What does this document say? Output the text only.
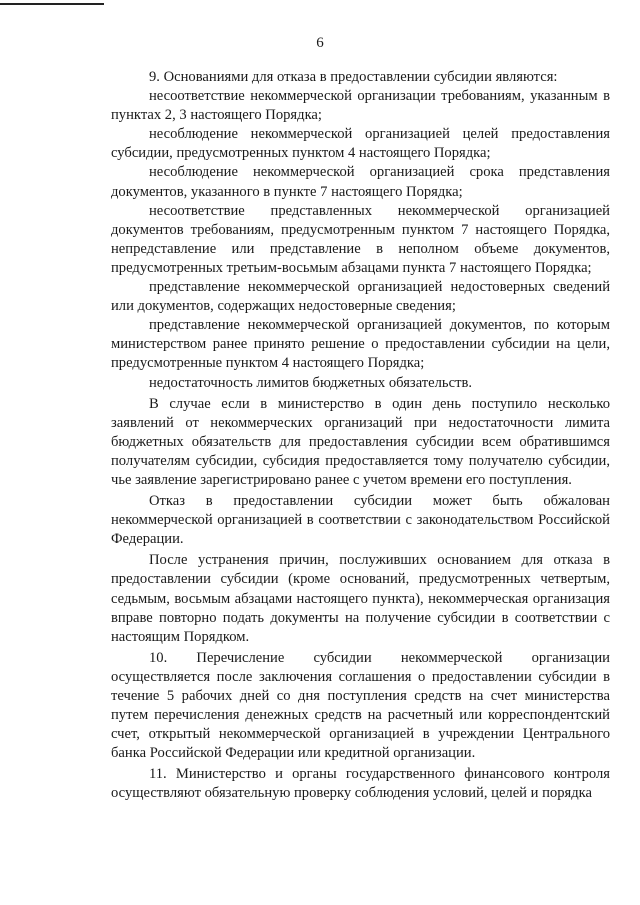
6

9. Основаниями для отказа в предоставлении субсидии являются:

несоответствие некоммерческой организации требованиям, указанным в пунктах 2, 3 настоящего Порядка;

несоблюдение некоммерческой организацией целей предоставления субсидии, предусмотренных пунктом 4 настоящего Порядка;

несоблюдение некоммерческой организацией срока представления документов, указанного в пункте 7 настоящего Порядка;

несоответствие представленных некоммерческой организацией документов требованиям, предусмотренным пунктом 7 настоящего Порядка, непредставление или представление в неполном объеме документов, предусмотренных третьим-восьмым абзацами пункта 7 настоящего Порядка;

представление некоммерческой организацией недостоверных сведений или документов, содержащих недостоверные сведения;

представление некоммерческой организацией документов, по которым министерством ранее принято решение о предоставлении субсидии на цели, предусмотренные пунктом 4 настоящего Порядка;

недостаточность лимитов бюджетных обязательств.

В случае если в министерство в один день поступило несколько заявлений от некоммерческих организаций при недостаточности лимита бюджетных обязательств для предоставления субсидии всем обратившимся получателям субсидии, субсидия предоставляется тому получателю субсидии, чье заявление зарегистрировано ранее с учетом времени его поступления.

Отказ в предоставлении субсидии может быть обжалован некоммерческой организацией в соответствии с законодательством Российской Федерации.

После устранения причин, послуживших основанием для отказа в предоставлении субсидии (кроме оснований, предусмотренных четвертым, седьмым, восьмым абзацами настоящего пункта), некоммерческая организация вправе повторно подать документы на получение субсидии в соответствии с настоящим Порядком.

10. Перечисление субсидии некоммерческой организации осуществляется после заключения соглашения о предоставлении субсидии в течение 5 рабочих дней со дня поступления средств на счет министерства путем перечисления денежных средств на расчетный или корреспондентский счет, открытый некоммерческой организацией в учреждении Центрального банка Российской Федерации или кредитной организации.

11. Министерство и органы государственного финансового контроля осуществляют обязательную проверку соблюдения условий, целей и порядка
